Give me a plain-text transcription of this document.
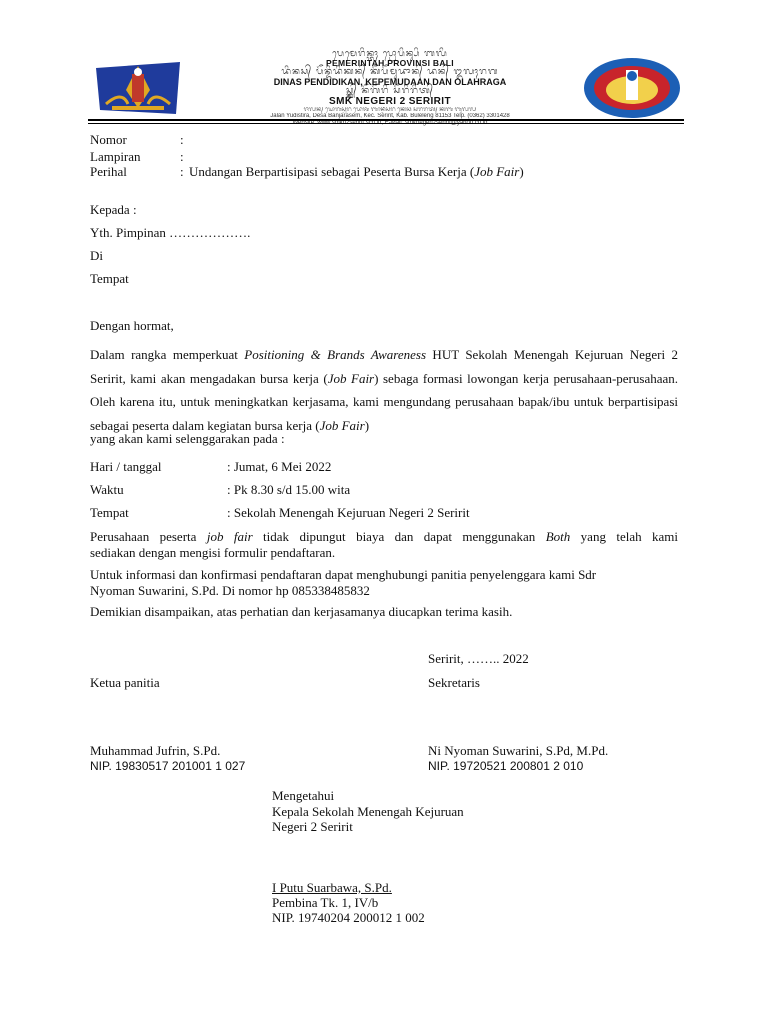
ᬧᬾᬫᬾᬭᬶᬦ᭄ᬢᬄ ᬧ᭄ᬭᭀᬧᬶᬦ᭄ᬲᬶ ᬩᬮᬶ
PEMERINTAH PROVINSI BALI
ᬤᬶᬦᬲ᭄ ᬧᭂᬦ᭄ᬤᬶᬤᬶᬓᬦ᭄ ᬓᭂᬧᭂᬫᬸᬤᬵᬦ᭄ ᬤᬦ᭄ ᬑᬮᬄᬭᬕ
DINAS PENDIDIKAN, KEPEMUDAAN DAN OLAHRAGA
ᬲ᭄ᬫ᭄ᬓ᭄ ᬦᭂᬕᭂᬭᬶ ᬲᭂᬭᬶᬭᬶᬢ᭄
SMK NEGERI 2 SERIRIT
ᬚᬮᬦ᭄ ᬬᭀᬕᬶᬲ᭄ᬯᬭ ᬤᬾᬰ ᬩᬵᬦ᭄ᬚᬃᬲᬭᬶ ᬓᬾᬘ ᬲᭂᬭᬶᬭᬶᬢ᭄ ᬓᬩ ᬩᬸᬮᭂᬮᭂᬂ
Jalan Yudistira, Desa Banjarasem, Kec. Seririt, Kab. Buleleng 81153 Telp. (0362) 3301428
Website: www.smkn2seririt.sch.id, E-Mail: smknegeri2seririt@yahoo.co.id
Nomor	:
Lampiran	:
Perihal	: Undangan Berpartisipasi sebagai Peserta Bursa Kerja (Job Fair)
Kepada :
Yth. Pimpinan ……………….
Di
Tempat
Dengan hormat,
Dalam rangka memperkuat Positioning & Brands Awareness HUT Sekolah Menengah Kejuruan Negeri 2 Seririt, kami akan mengadakan bursa kerja (Job Fair) sebaga formasi lowongan kerja perusahaan-perusahaan. Oleh karena itu, untuk meningkatkan kerjasama, kami mengundang perusahaan bapak/ibu untuk berpartisipasi sebagai peserta dalam kegiatan bursa kerja (Job Fair)
yang akan kami selenggarakan pada :
Hari / tanggal	: Jumat, 6 Mei 2022
Waktu	: Pk 8.30 s/d 15.00 wita
Tempat	: Sekolah Menengah Kejuruan Negeri 2 Seririt
Perusahaan peserta job fair tidak dipungut biaya dan dapat menggunakan Both yang telah kami
sediakan dengan mengisi formulir pendaftaran.
Untuk informasi dan konfirmasi pendaftaran dapat menghubungi panitia penyelenggara kami Sdr
Nyoman Suwarini, S.Pd. Di nomor hp 085338485832
Demikian disampaikan, atas perhatian dan kerjasamanya diucapkan terima kasih.
Seririt, …….. 2022
Ketua panitia	Sekretaris
Muhammad Jufrin, S.Pd.
NIP. 19830517 201001 1 027
Ni Nyoman Suwarini, S.Pd, M.Pd.
NIP. 19720521 200801 2 010
Mengetahui
Kepala Sekolah Menengah Kejuruan
Negeri 2 Seririt
I Putu Suarbawa, S.Pd.
Pembina Tk. 1, IV/b
NIP. 19740204 200012 1 002
